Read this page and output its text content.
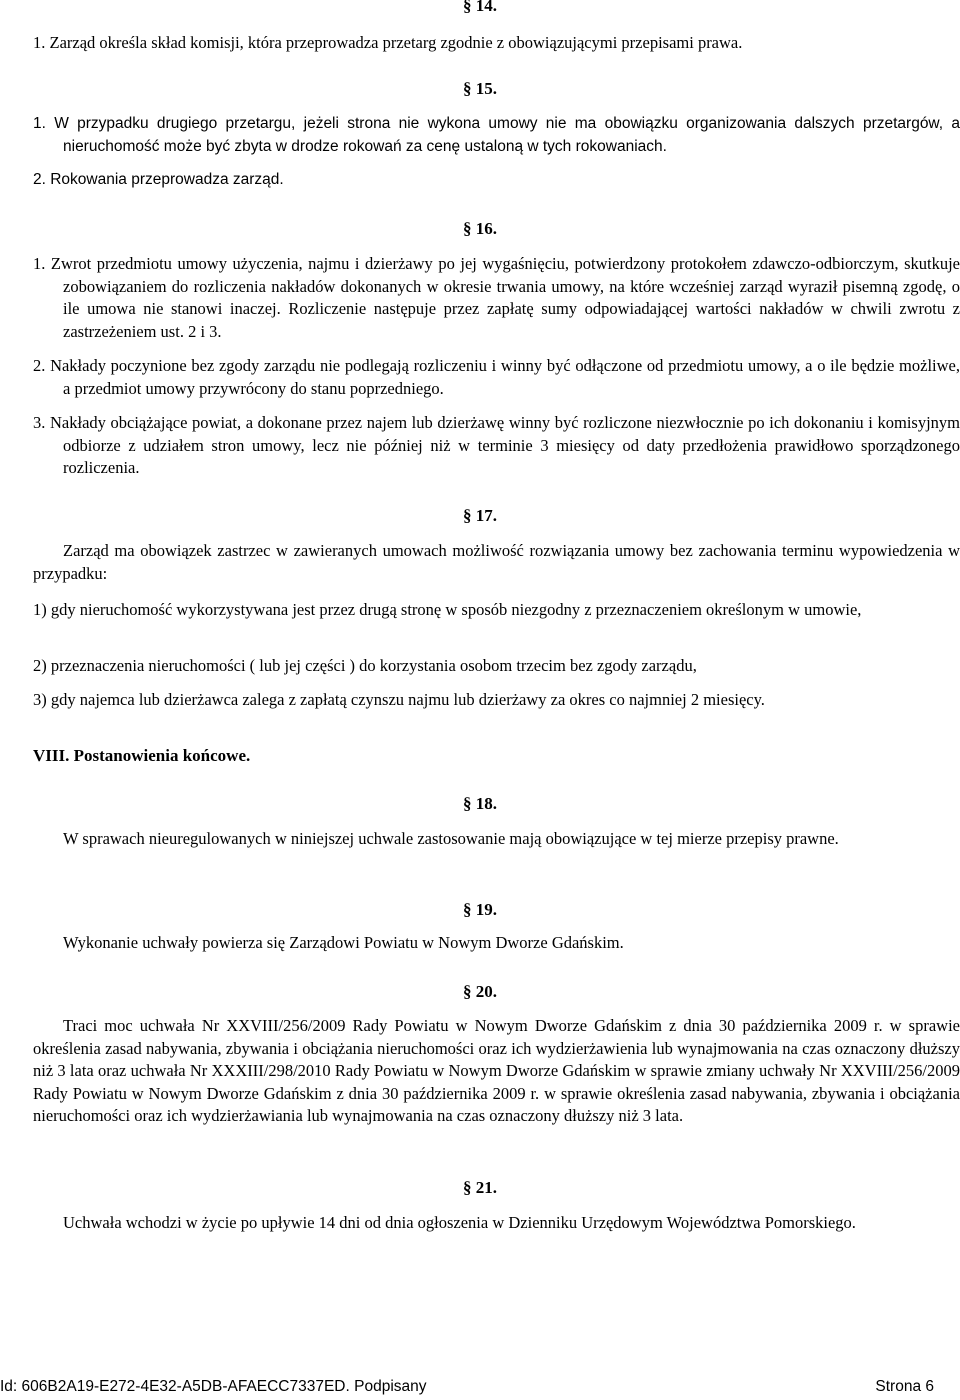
§ 14.
1. Zarząd określa skład komisji, która przeprowadza przetarg zgodnie z obowiązującymi przepisami prawa.
§ 15.
1. W przypadku drugiego przetargu, jeżeli strona nie wykona umowy nie ma obowiązku organizowania dalszych przetargów, a nieruchomość może być zbyta w drodze rokowań za cenę ustaloną w tych rokowaniach.
2. Rokowania przeprowadza zarząd.
§ 16.
1. Zwrot przedmiotu umowy użyczenia, najmu i dzierżawy po jej wygaśnięciu, potwierdzony protokołem zdawczo-odbiorczym, skutkuje zobowiązaniem do rozliczenia nakładów dokonanych w okresie trwania umowy, na które wcześniej zarząd wyraził pisemną zgodę, o ile umowa nie stanowi inaczej. Rozliczenie następuje przez zapłatę sumy odpowiadającej wartości nakładów w chwili zwrotu z zastrzeżeniem ust. 2 i 3.
2. Nakłady poczynione bez zgody zarządu nie podlegają rozliczeniu i winny być odłączone od przedmiotu umowy, a o ile będzie możliwe, a przedmiot umowy przywrócony do stanu poprzedniego.
3. Nakłady obciążające powiat, a dokonane przez najem lub dzierżawę winny być rozliczone niezwłocznie po ich dokonaniu i komisyjnym odbiorze z udziałem stron umowy, lecz nie później niż w terminie 3 miesięcy od daty przedłożenia prawidłowo sporządzonego rozliczenia.
§ 17.
Zarząd ma obowiązek zastrzec w zawieranych umowach możliwość rozwiązania umowy bez zachowania terminu wypowiedzenia w przypadku:
1) gdy nieruchomość wykorzystywana jest przez drugą stronę w sposób niezgodny z przeznaczeniem określonym w umowie,
2) przeznaczenia nieruchomości ( lub jej części ) do korzystania osobom trzecim bez zgody zarządu,
3) gdy najemca lub dzierżawca zalega z zapłatą czynszu najmu lub dzierżawy za okres co najmniej 2 miesięcy.
VIII. Postanowienia końcowe.
§ 18.
W sprawach nieuregulowanych w niniejszej uchwale zastosowanie mają obowiązujące w tej mierze przepisy prawne.
§ 19.
Wykonanie uchwały powierza się Zarządowi Powiatu w Nowym Dworze Gdańskim.
§ 20.
Traci moc uchwała Nr XXVIII/256/2009 Rady Powiatu w Nowym Dworze Gdańskim z dnia 30 października 2009 r. w sprawie określenia zasad nabywania, zbywania i obciążania nieruchomości oraz ich wydzierżawienia lub wynajmowania na czas oznaczony dłuższy niż 3 lata oraz uchwała Nr XXXIII/298/2010 Rady Powiatu w Nowym Dworze Gdańskim w sprawie zmiany uchwały Nr XXVIII/256/2009 Rady Powiatu w Nowym Dworze Gdańskim z dnia 30 października 2009 r. w sprawie określenia zasad nabywania, zbywania i obciążania nieruchomości oraz ich wydzierżawiania lub wynajmowania na czas oznaczony dłuższy niż 3 lata.
§ 21.
Uchwała wchodzi w życie po upływie 14 dni od dnia ogłoszenia w Dzienniku Urzędowym Województwa Pomorskiego.
Id: 606B2A19-E272-4E32-A5DB-AFAECC7337ED. Podpisany	Strona 6
